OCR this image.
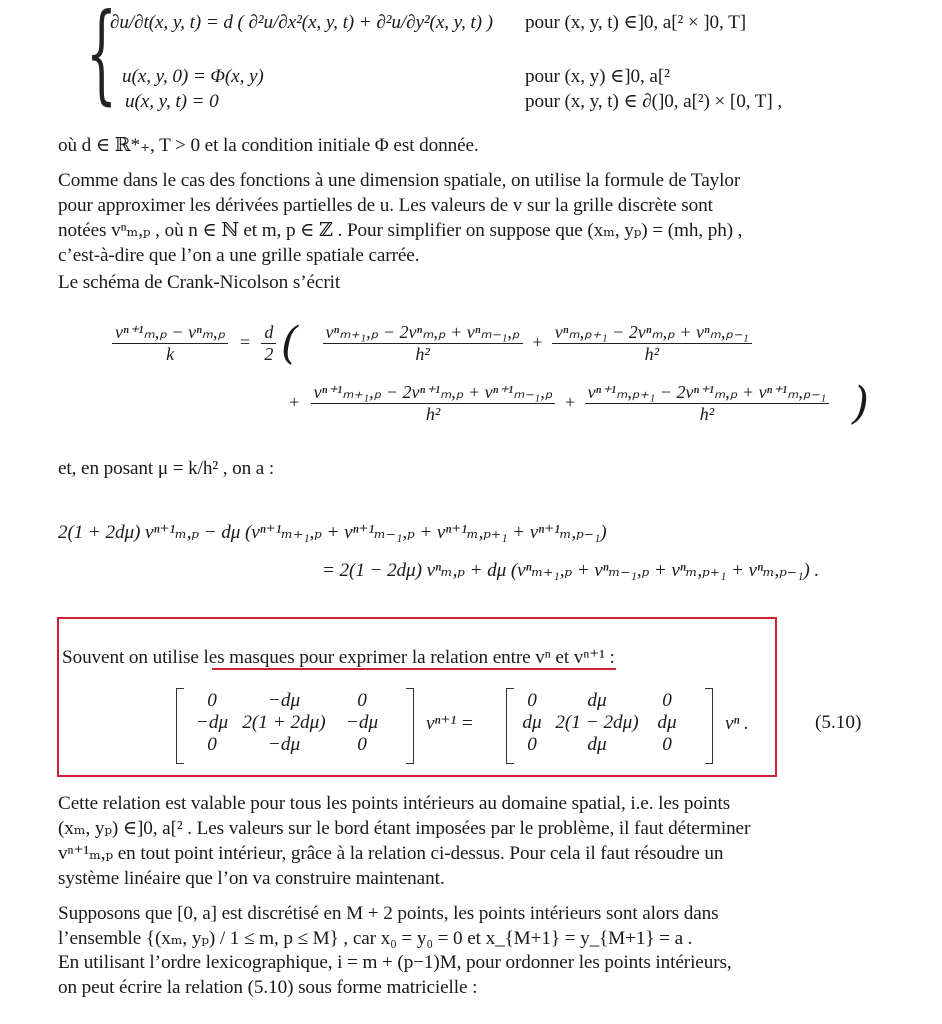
{
∂u/∂t(x, y, t) = d ( ∂²u/∂x²(x, y, t) + ∂²u/∂y²(x, y, t) ) pour (x, y, t) ∈]0, a[² × ]0, T]
u(x, y, 0) = Φ(x, y)	pour (x, y) ∈]0, a[²
u(x, y, t) = 0	pour (x, y, t) ∈ ∂(]0, a[²) × [0, T] ,
où d ∈ ℝ*₊, T > 0 et la condition initiale Φ est donnée.
Comme dans le cas des fonctions à une dimension spatiale, on utilise la formule de Taylor
pour approximer les dérivées partielles de u. Les valeurs de v sur la grille discrète sont
notées vⁿₘ,ₚ , où n ∈ ℕ et m, p ∈ ℤ . Pour simplifier on suppose que (xₘ, yₚ) = (mh, ph) ,
c’est-à-dire que l’on a une grille spatiale carrée.
Le schéma de Crank-Nicolson s’écrit
$\frac{\text{vⁿ⁺¹ₘ,ₚ − vⁿₘ,ₚ}}{k} = \frac{d}{2}$ ( $\frac{\text{vⁿₘ₊₁,ₚ − 2vⁿₘ,ₚ + vⁿₘ₋₁,ₚ}}{\text{h²}} + \frac{\text{vⁿₘ,ₚ₊₁ − 2vⁿₘ,ₚ + vⁿₘ,ₚ₋₁}}{\text{h²}}$
+ $\frac{\text{vⁿ⁺¹ₘ₊₁,ₚ − 2vⁿ⁺¹ₘ,ₚ + vⁿ⁺¹ₘ₋₁,ₚ}}{\text{h²}} + \frac{\text{vⁿ⁺¹ₘ,ₚ₊₁ − 2vⁿ⁺¹ₘ,ₚ + vⁿ⁺¹ₘ,ₚ₋₁}}{\text{h²}}$ )
et, en posant μ = k/h² , on a :
2(1 + 2dμ) vⁿ⁺¹ₘ,ₚ − dμ (vⁿ⁺¹ₘ₊₁,ₚ + vⁿ⁺¹ₘ₋₁,ₚ + vⁿ⁺¹ₘ,ₚ₊₁ + vⁿ⁺¹ₘ,ₚ₋₁)
= 2(1 − 2dμ) vⁿₘ,ₚ + dμ (vⁿₘ₊₁,ₚ + vⁿₘ₋₁,ₚ + vⁿₘ,ₚ₊₁ + vⁿₘ,ₚ₋₁) .
Souvent on utilise les masques pour exprimer la relation entre vⁿ et vⁿ⁺¹ :
0	−dμ	0
−dμ 2(1 + 2dμ)	−dμ
0	−dμ	0
vⁿ⁺¹ =
0	dμ	0
dμ 2(1 − 2dμ) dμ
0	dμ	0
vⁿ .	(5.10)
Cette relation est valable pour tous les points intérieurs au domaine spatial, i.e. les points
(xₘ, yₚ) ∈]0, a[² . Les valeurs sur le bord étant imposées par le problème, il faut déterminer
vⁿ⁺¹ₘ,ₚ en tout point intérieur, grâce à la relation ci-dessus. Pour cela il faut résoudre un
système linéaire que l’on va construire maintenant.
Supposons que [0, a] est discrétisé en M + 2 points, les points intérieurs sont alors dans
l’ensemble {(xₘ, yₚ) / 1 ≤ m, p ≤ M} , car x₀ = y₀ = 0 et x_{M+1} = y_{M+1} = a .
En utilisant l’ordre lexicographique, i = m + (p−1)M, pour ordonner les points intérieurs,
on peut écrire la relation (5.10) sous forme matricielle :
